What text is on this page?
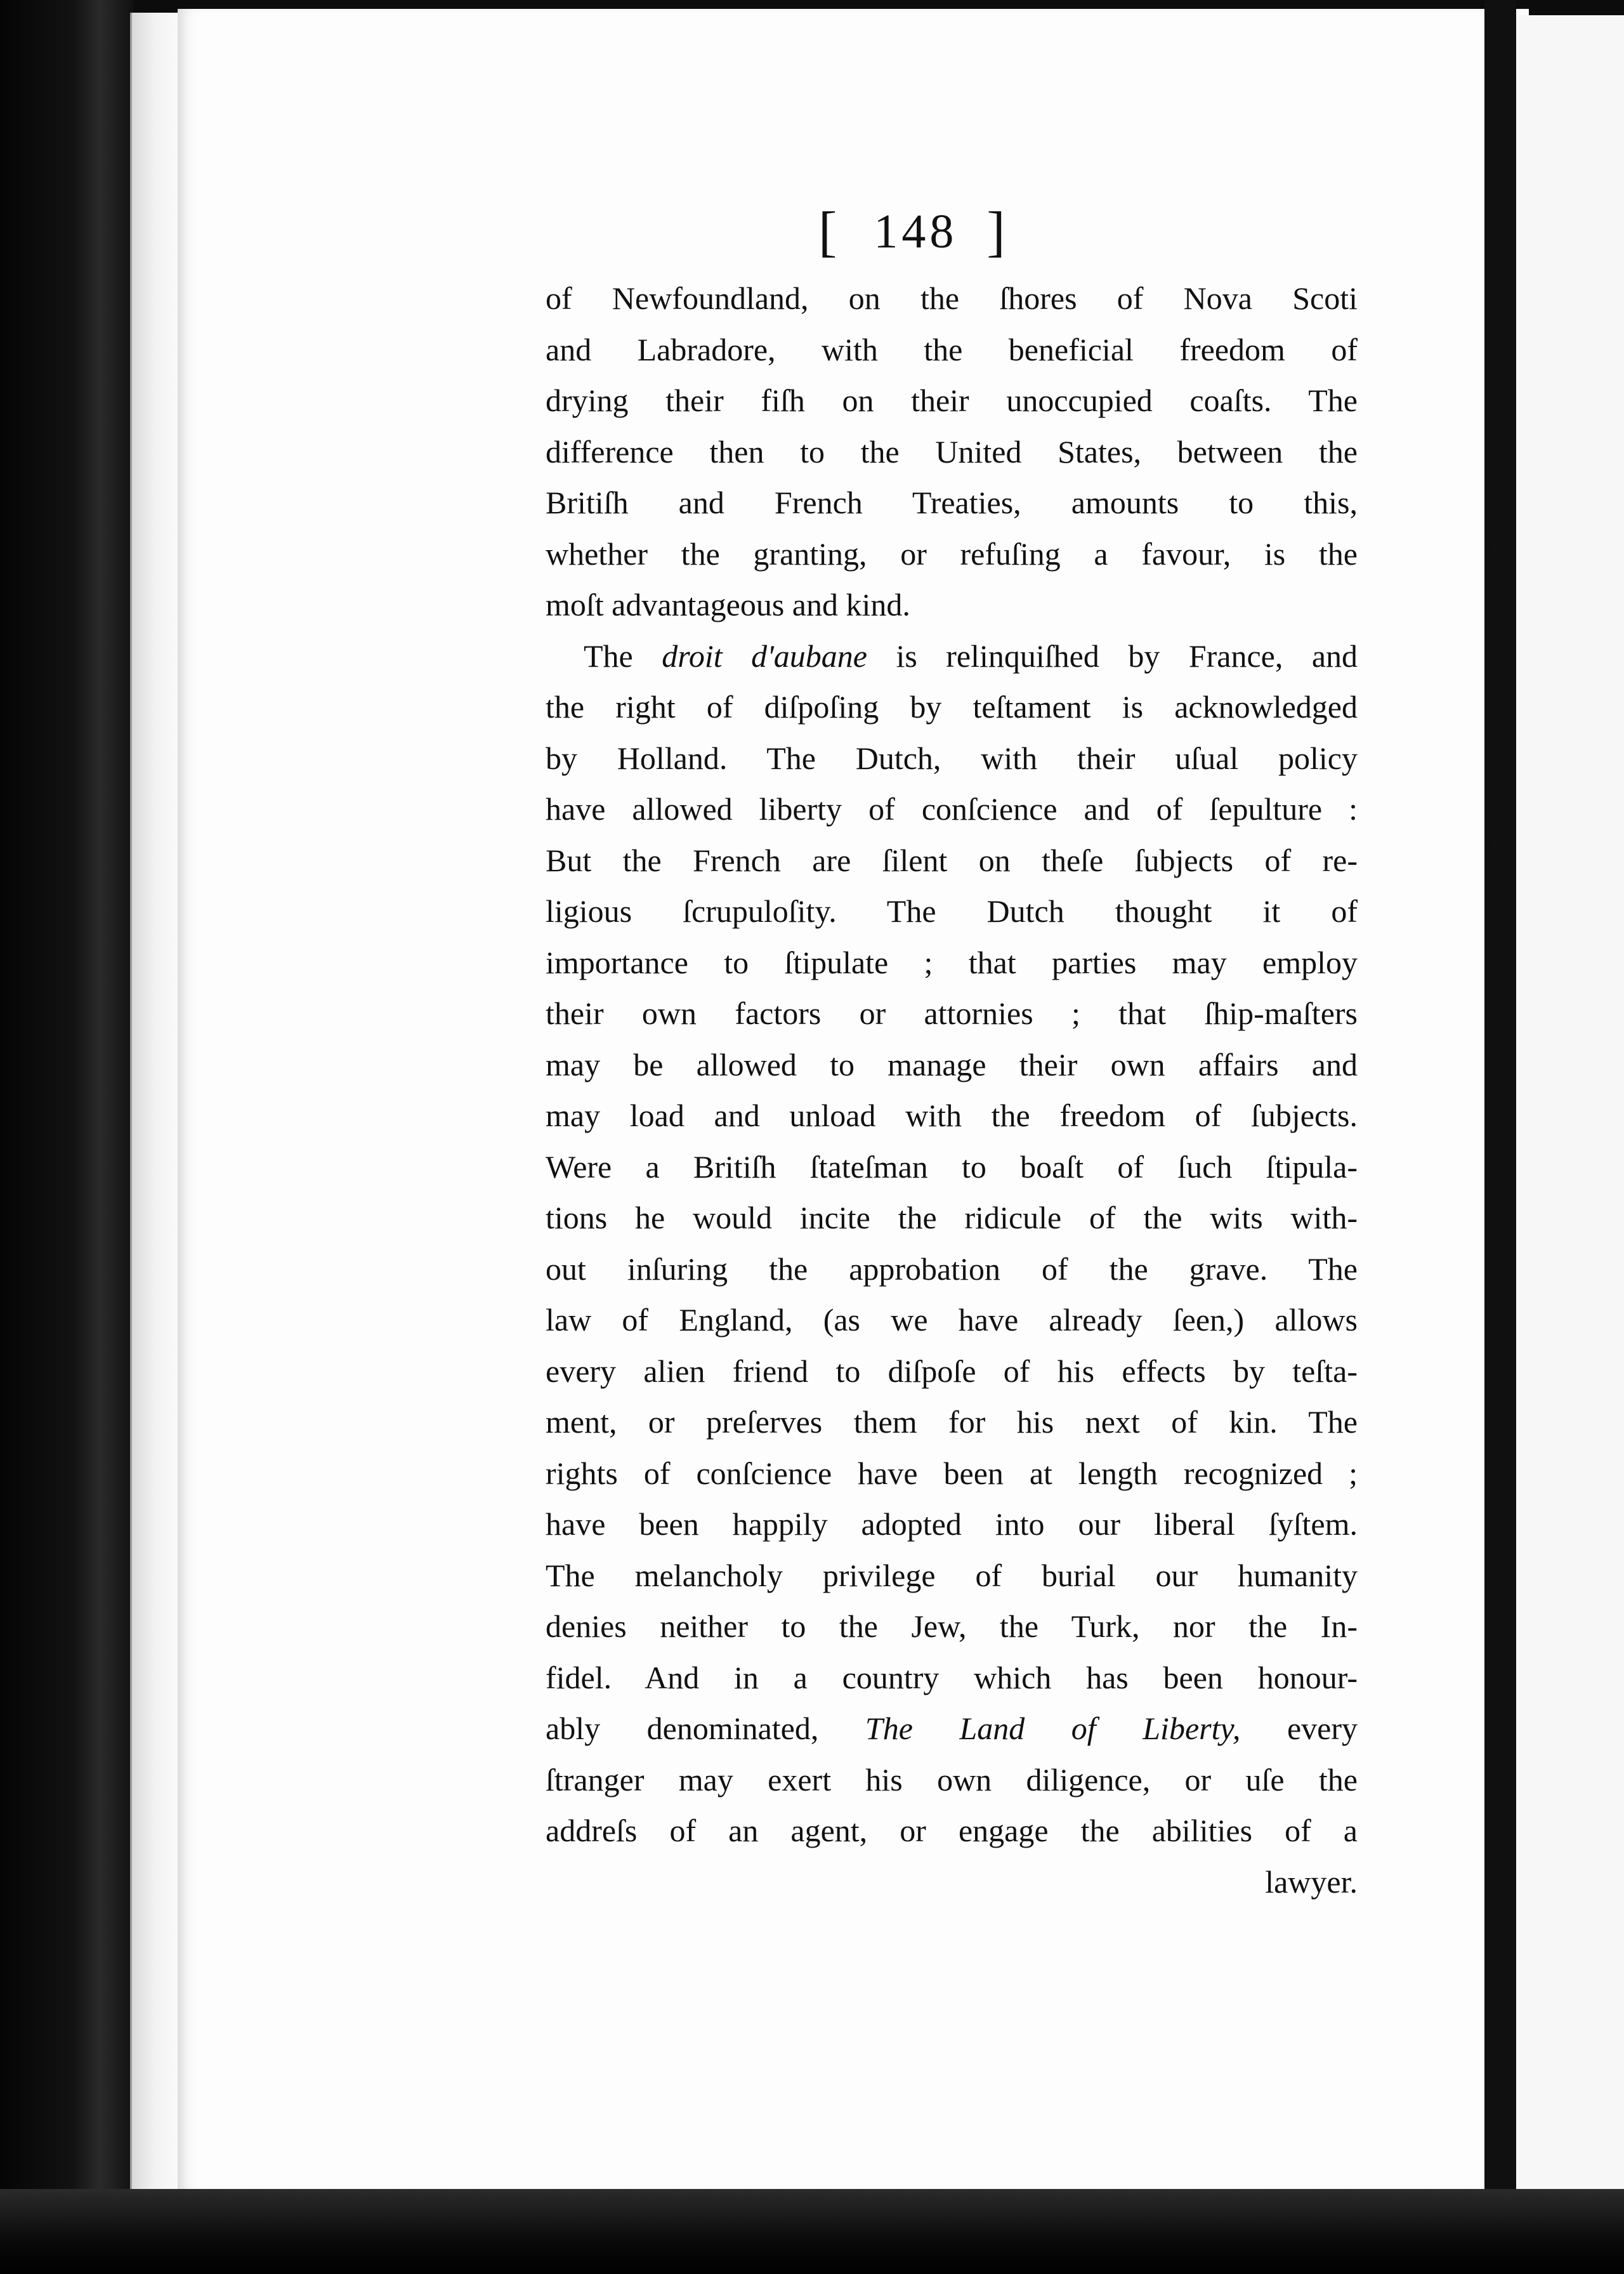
[ 148 ]
of Newfoundland, on the ſhores of Nova Scoti
and Labradore, with the beneficial freedom of
drying their fiſh on their unoccupied coaſts. The
difference then to the United States, between the
Britiſh and French Treaties, amounts to this,
whether the granting, or refuſing a favour, is the
moſt advantageous and kind.
The droit d'aubane is relinquiſhed by France, and
the right of diſpoſing by teſtament is acknowledged
by Holland. The Dutch, with their uſual policy
have allowed liberty of conſcience and of ſepulture :
But the French are ſilent on theſe ſubjects of re-
ligious ſcrupuloſity. The Dutch thought it of
importance to ſtipulate ; that parties may employ
their own factors or attornies ; that ſhip-maſters
may be allowed to manage their own affairs and
may load and unload with the freedom of ſubjects.
Were a Britiſh ſtateſman to boaſt of ſuch ſtipula-
tions he would incite the ridicule of the wits with-
out inſuring the approbation of the grave. The
law of England, (as we have already ſeen,) allows
every alien friend to diſpoſe of his effects by teſta-
ment, or preſerves them for his next of kin. The
rights of conſcience have been at length recognized ;
have been happily adopted into our liberal ſyſtem.
The melancholy privilege of burial our humanity
denies neither to the Jew, the Turk, nor the In-
fidel. And in a country which has been honour-
ably denominated, The Land of Liberty, every
ſtranger may exert his own diligence, or uſe the
addreſs of an agent, or engage the abilities of a
lawyer.
